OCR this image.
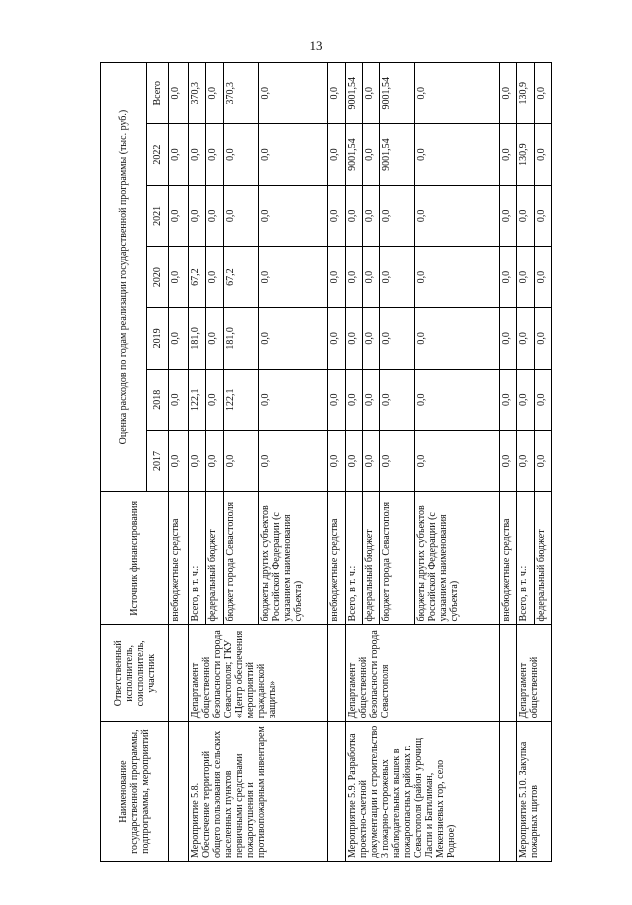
13
Наименование государственной программы, подпрограммы, мероприятий	Ответственный исполнитель, соисполнитель, участник	Источник финансирования	Оценка расходов по годам реализации государственной программы (тыс. руб.)						
			2017	2018	2019	2020	2021	2022	Всего
		внебюджетные средства	0,0	0,0	0,0	0,0	0,0	0,0	0,0
Мероприятие 5.8. Обеспечение территорий общего пользования сельских населенных пунктов первичными средствами пожаротушения и противопожарным инвентарем	Департамент общественной безопасности города Севастополя; ГКУ «Центр обеспечения мероприятий гражданской защиты»	Всего, в т. ч.:	0,0	122,1	181,0	67,2	0,0	0,0	370,3
		федеральный бюджет	0,0	0,0	0,0	0,0	0,0	0,0	0,0
		бюджет города Севастополя	0,0	122,1	181,0	67,2	0,0	0,0	370,3
		бюджеты других субъектов Российской Федерации (с указанием наименования субъекта)	0,0	0,0	0,0	0,0	0,0	0,0	0,0
		внебюджетные средства	0,0	0,0	0,0	0,0	0,0	0,0	0,0
Мероприятие 5.9. Разработка проектно-сметной документации и строительство 3 пожарно-сторожевых наблюдательных вышек в пожароопасных районах г. Севастополя (район урочищ Ласпи и Батилиман, Мекензиевых гор, село Родное)	Департамент общественной безопасности города Севастополя	Всего, в т. ч.:	0,0	0,0	0,0	0,0	0,0	9001,54	9001,54
		федеральный бюджет	0,0	0,0	0,0	0,0	0,0	0,0	0,0
		бюджет города Севастополя	0,0	0,0	0,0	0,0	0,0	9001,54	9001,54
		бюджеты других субъектов Российской Федерации (с указанием наименования субъекта)	0,0	0,0	0,0	0,0	0,0	0,0	0,0
		внебюджетные средства	0,0	0,0	0,0	0,0	0,0	0,0	0,0
Мероприятие 5.10. Закупка пожарных щитов	Департамент общественной	Всего, в т. ч.:	0,0	0,0	0,0	0,0	0,0	130,9	130,9
		федеральный бюджет	0,0	0,0	0,0	0,0	0,0	0,0	0,0
